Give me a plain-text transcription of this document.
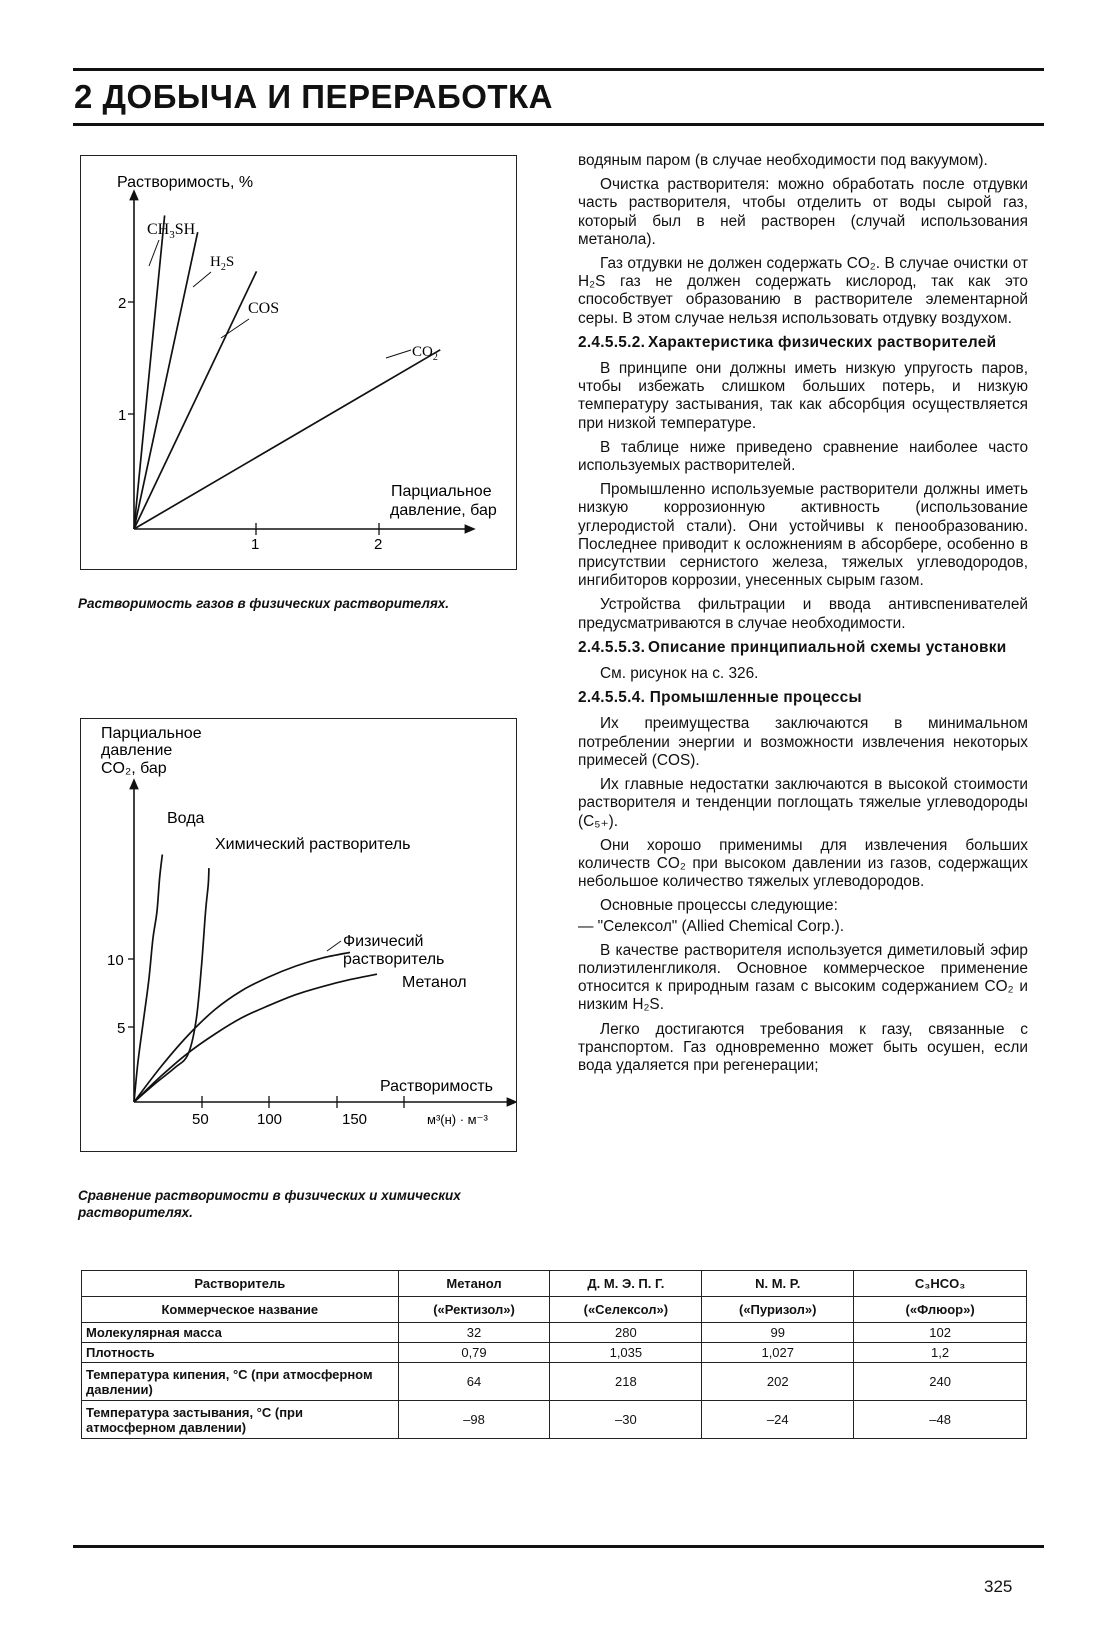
2 ДОБЫЧА И ПЕРЕРАБОТКА
Растворимость, %
2
1
1	2
Парциальное
давление, бар
$CH_3SH$
$H_2S$
COS
$CO_2$
Растворимость газов в физических растворителях.
Парциальное
давление
CO₂, бар
10
5
50	100	150	м³(н) · м⁻³
Растворимость
Вода
Химический растворитель
Физичесий
растворитель
Метанол
Сравнение растворимости в физических и химических растворителях.

водяным паром (в случае необходимости под вакуумом).

Очистка растворителя: можно обработать после отдувки часть растворителя, чтобы отделить от воды сырой газ, который был в ней растворен (случай использования метанола).

Газ отдувки не должен содержать CO₂. В случае очистки от H₂S газ не должен содержать кислород, так как это способствует образованию в растворителе элементарной серы. В этом случае нельзя использовать отдувку воздухом.

2.4.5.5.2. Характеристика физических растворителей

В принципе они должны иметь низкую упругость паров, чтобы избежать слишком больших потерь, и низкую температуру застывания, так как абсорбция осуществляется при низкой температуре.

В таблице ниже приведено сравнение наиболее часто используемых растворителей.

Промышленно используемые растворители должны иметь низкую коррозионную активность (использование углеродистой стали). Они устойчивы к пенообразованию. Последнее приводит к осложнениям в абсорбере, особенно в присутствии сернистого железа, тяжелых углеводородов, ингибиторов коррозии, унесенных сырым газом.

Устройства фильтрации и ввода антивспенивателей предусматриваются в случае необходимости.

2.4.5.5.3. Описание принципиальной схемы установки

См. рисунок на с. 326.

2.4.5.5.4. Промышленные процессы

Их преимущества заключаются в минимальном потреблении энергии и возможности извлечения некоторых примесей (COS).

Их главные недостатки заключаются в высокой стоимости растворителя и тенденции поглощать тяжелые углеводороды (C₅₊).

Они хорошо применимы для извлечения больших количеств CO₂ при высоком давлении из газов, содержащих небольшое количество тяжелых углеводородов.

Основные процессы следующие:

— "Селексол" (Allied Chemical Corp.).

В качестве растворителя используется диметиловый эфир полиэтиленгликоля. Основное коммерческое применение относится к природным газам с высоким содержанием CO₂ и низким H₂S.

Легко достигаются требования к газу, связанные с транспортом. Газ одновременно может быть осушен, если вода удаляется при регенерации;

Растворитель	Метанол	Д. М. Э. П. Г.	N. M. P.	C₃HCO₃
Коммерческое название	(«Ректизол»)	(«Селексол»)	(«Пуризол»)	(«Флюор»)
Молекулярная масса	32	280	99	102
Плотность	0,79	1,035	1,027	1,2
Температура кипения, °C (при атмосферном давлении)	64	218	202	240
Температура застывания, °C (при атмосферном давлении)	–98	–30	–24	–48
325
